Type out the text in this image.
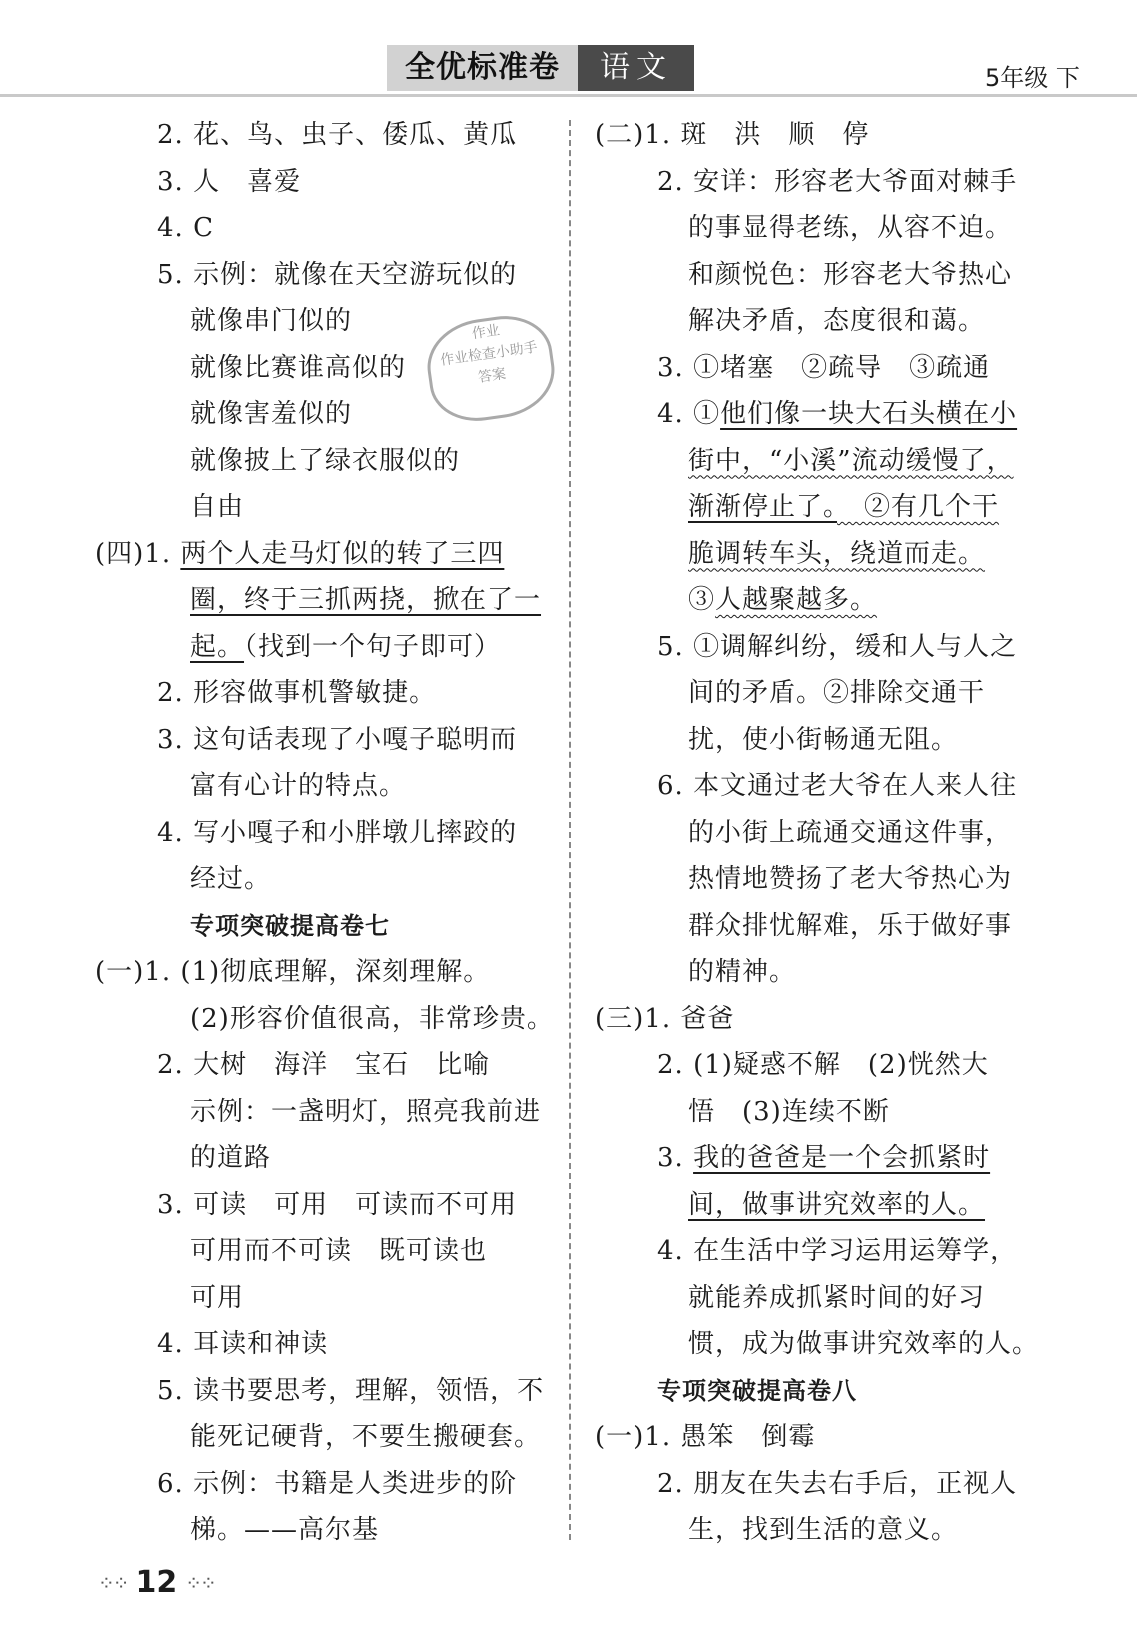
全优标准卷	语文	5年级 下
2. 花、鸟、虫子、倭瓜、黄瓜
3. 人　喜爱
4. C
5. 示例：就像在天空游玩似的
就像串门似的
就像比赛谁高似的
就像害羞似的
就像披上了绿衣服似的
自由
(四)1. 两个人走马灯似的转了三四
圈，终于三抓两挠，掀在了一
起。（找到一个句子即可）
2. 形容做事机警敏捷。
3. 这句话表现了小嘎子聪明而
富有心计的特点。
4. 写小嘎子和小胖墩儿摔跤的
经过。
专项突破提高卷七
(一)1. (1)彻底理解，深刻理解。
(2)形容价值很高，非常珍贵。
2. 大树　海洋　宝石　比喻
示例：一盏明灯，照亮我前进
的道路
3. 可读　可用　可读而不可用
可用而不可读　既可读也
可用
4. 耳读和神读
5. 读书要思考，理解，领悟，不
能死记硬背，不要生搬硬套。
6. 示例：书籍是人类进步的阶
梯。——高尔基
(二)1. 斑　洪　顺　停
2. 安详：形容老大爷面对棘手
的事显得老练，从容不迫。
和颜悦色：形容老大爷热心
解决矛盾，态度很和蔼。
3. ①堵塞　②疏导　③疏通
4. ①他们像一块大石头横在小
街中，“小溪”流动缓慢了，
渐渐停止了。　②有几个干
脆调转车头，绕道而走。
③人越聚越多。
5. ①调解纠纷，缓和人与人之
间的矛盾。②排除交通干
扰，使小街畅通无阻。
6. 本文通过老大爷在人来人往
的小街上疏通交通这件事，
热情地赞扬了老大爷热心为
群众排忧解难，乐于做好事
的精神。
(三)1. 爸爸
2. (1)疑惑不解　(2)恍然大
悟　(3)连续不断
3. 我的爸爸是一个会抓紧时
间，做事讲究效率的人。
4. 在生活中学习运用运筹学，
就能养成抓紧时间的好习
惯，成为做事讲究效率的人。
专项突破提高卷八
(一)1. 愚笨　倒霉
2. 朋友在失去右手后，正视人
生，找到生活的意义。
作业
作业检查小助手
答案
⁘⁘ 12 ⁘⁘
